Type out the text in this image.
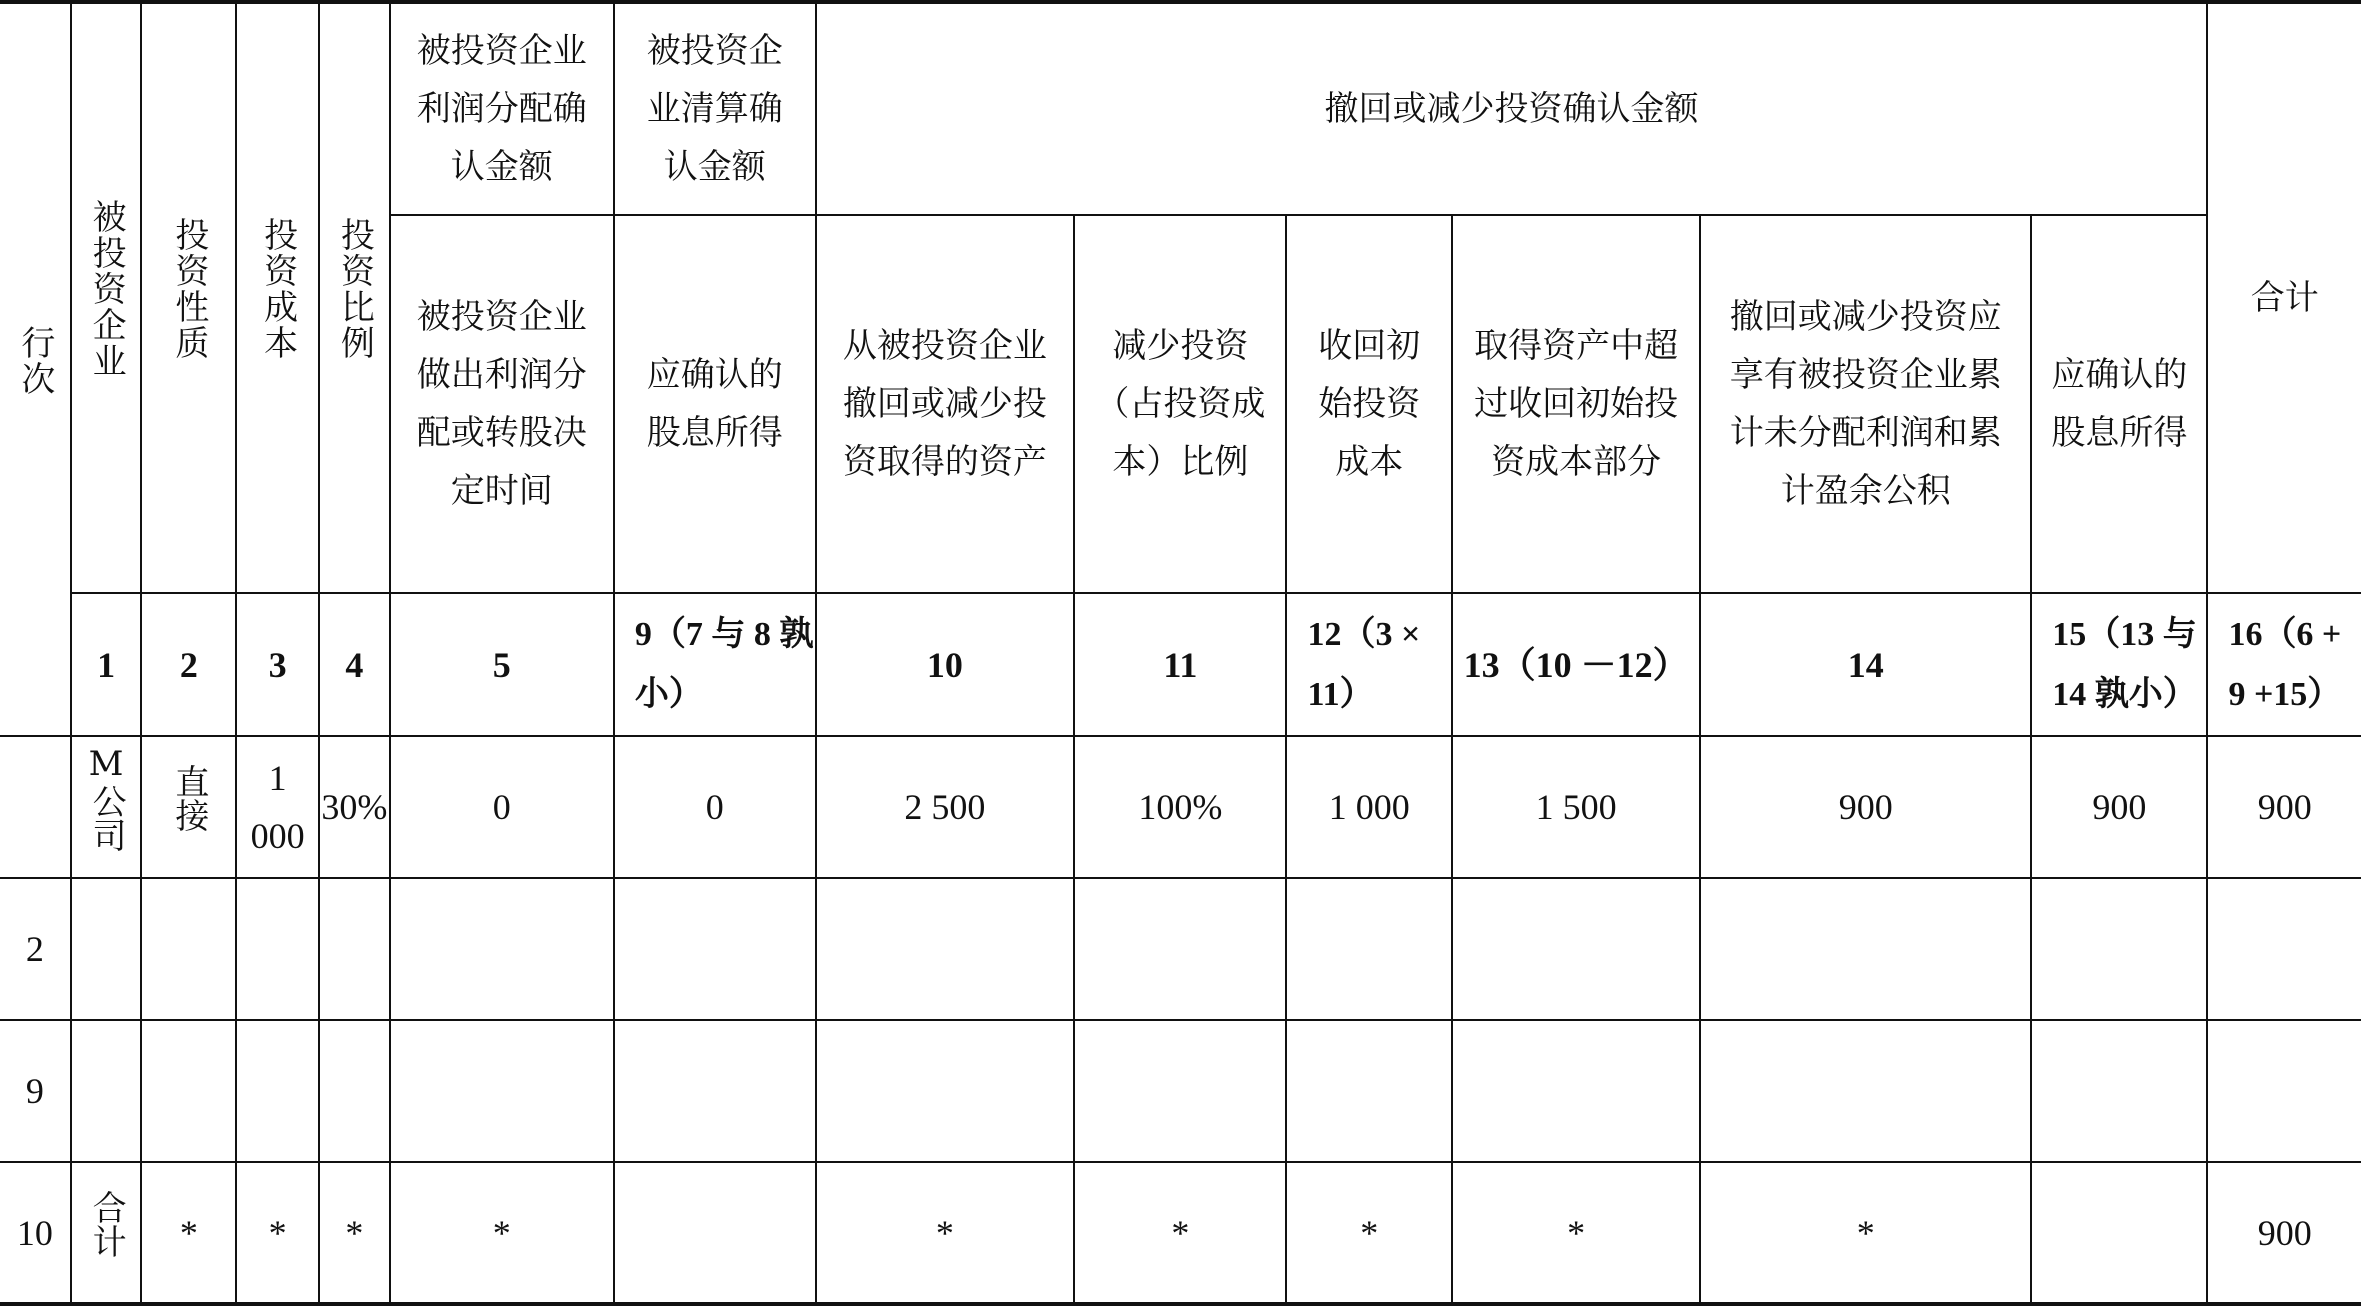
行次	被投资企业	投资性质	投资成本	投资比例	被投资企业利润分配确认金额	被投资企业清算确认金额	撤回或减少投资确认金额						合计
					被投资企业做出利润分配或转股决定时间	应确认的股息所得	从被投资企业撤回或减少投资取得的资产	减少投资（占投资成本）比例	收回初始投资成本	取得资产中超过收回初始投资成本部分	撤回或减少投资应享有被投资企业累计未分配利润和累计盈余公积	应确认的股息所得	
	1	2	3	4	5	9（7 与 8 孰小）	10	11	12（3 × 11）	13（10 －12）	14	15（13 与 14 孰小）	16（6 + 9 +15）
	M公司	直接	1 000	30%	0	0	2 500	100%	1 000	1 500	900	900	900
2													
9													
10	合计	*	*	*	*		*	*	*	*	*		900
